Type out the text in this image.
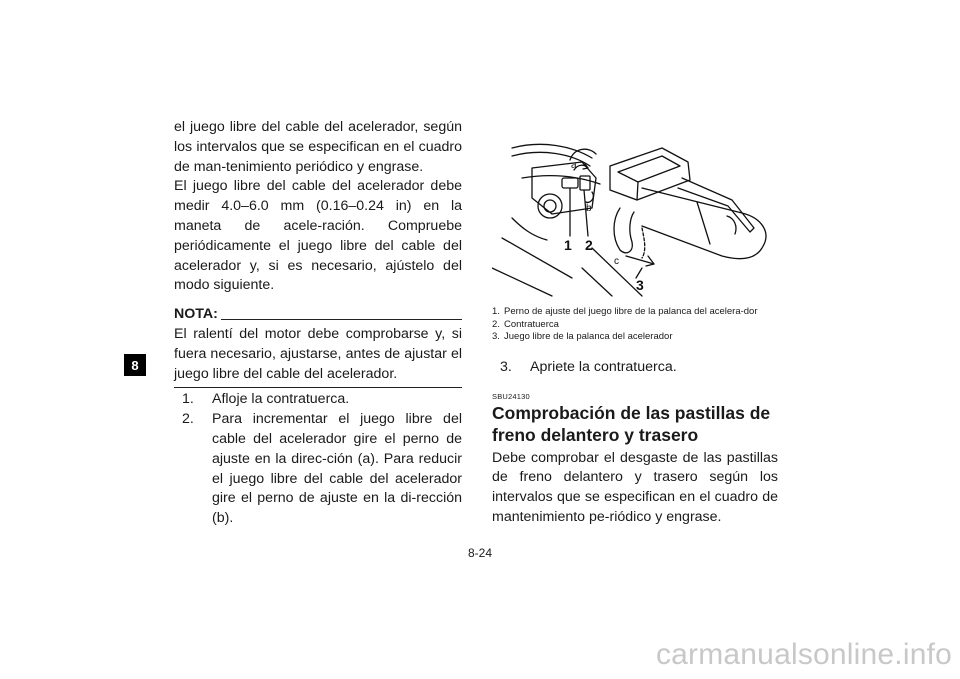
8

el juego libre del cable del acelerador, según los intervalos que se especifican en el cuadro de man-tenimiento periódico y engrase.

El juego libre del cable del acelerador debe medir 4.0–6.0 mm (0.16–0.24 in) en la maneta de acele-ración. Compruebe periódicamente el juego libre del cable del acelerador y, si es necesario, ajústelo del modo siguiente.

NOTA:

El ralentí del motor debe comprobarse y, si fuera necesario, ajustarse, antes de ajustar el juego libre del cable del acelerador.

1.	Afloje la contratuerca.
2.	Para incrementar el juego libre del cable del acelerador gire el perno de ajuste en la direc-ción (a). Para reducir el juego libre del cable del acelerador gire el perno de ajuste en la di-rección (b).
1 2
3
a
b
c
1. Perno de ajuste del juego libre de la palanca del acelera-dor
2. Contratuerca
3. Juego libre de la palanca del acelerador
3.	Apriete la contratuerca.
SBU24130
Comprobación de las pastillas de freno delantero y trasero

Debe comprobar el desgaste de las pastillas de freno delantero y trasero según los intervalos que se especifican en el cuadro de mantenimiento pe-riódico y engrase.

8-24
carmanualsonline.info
